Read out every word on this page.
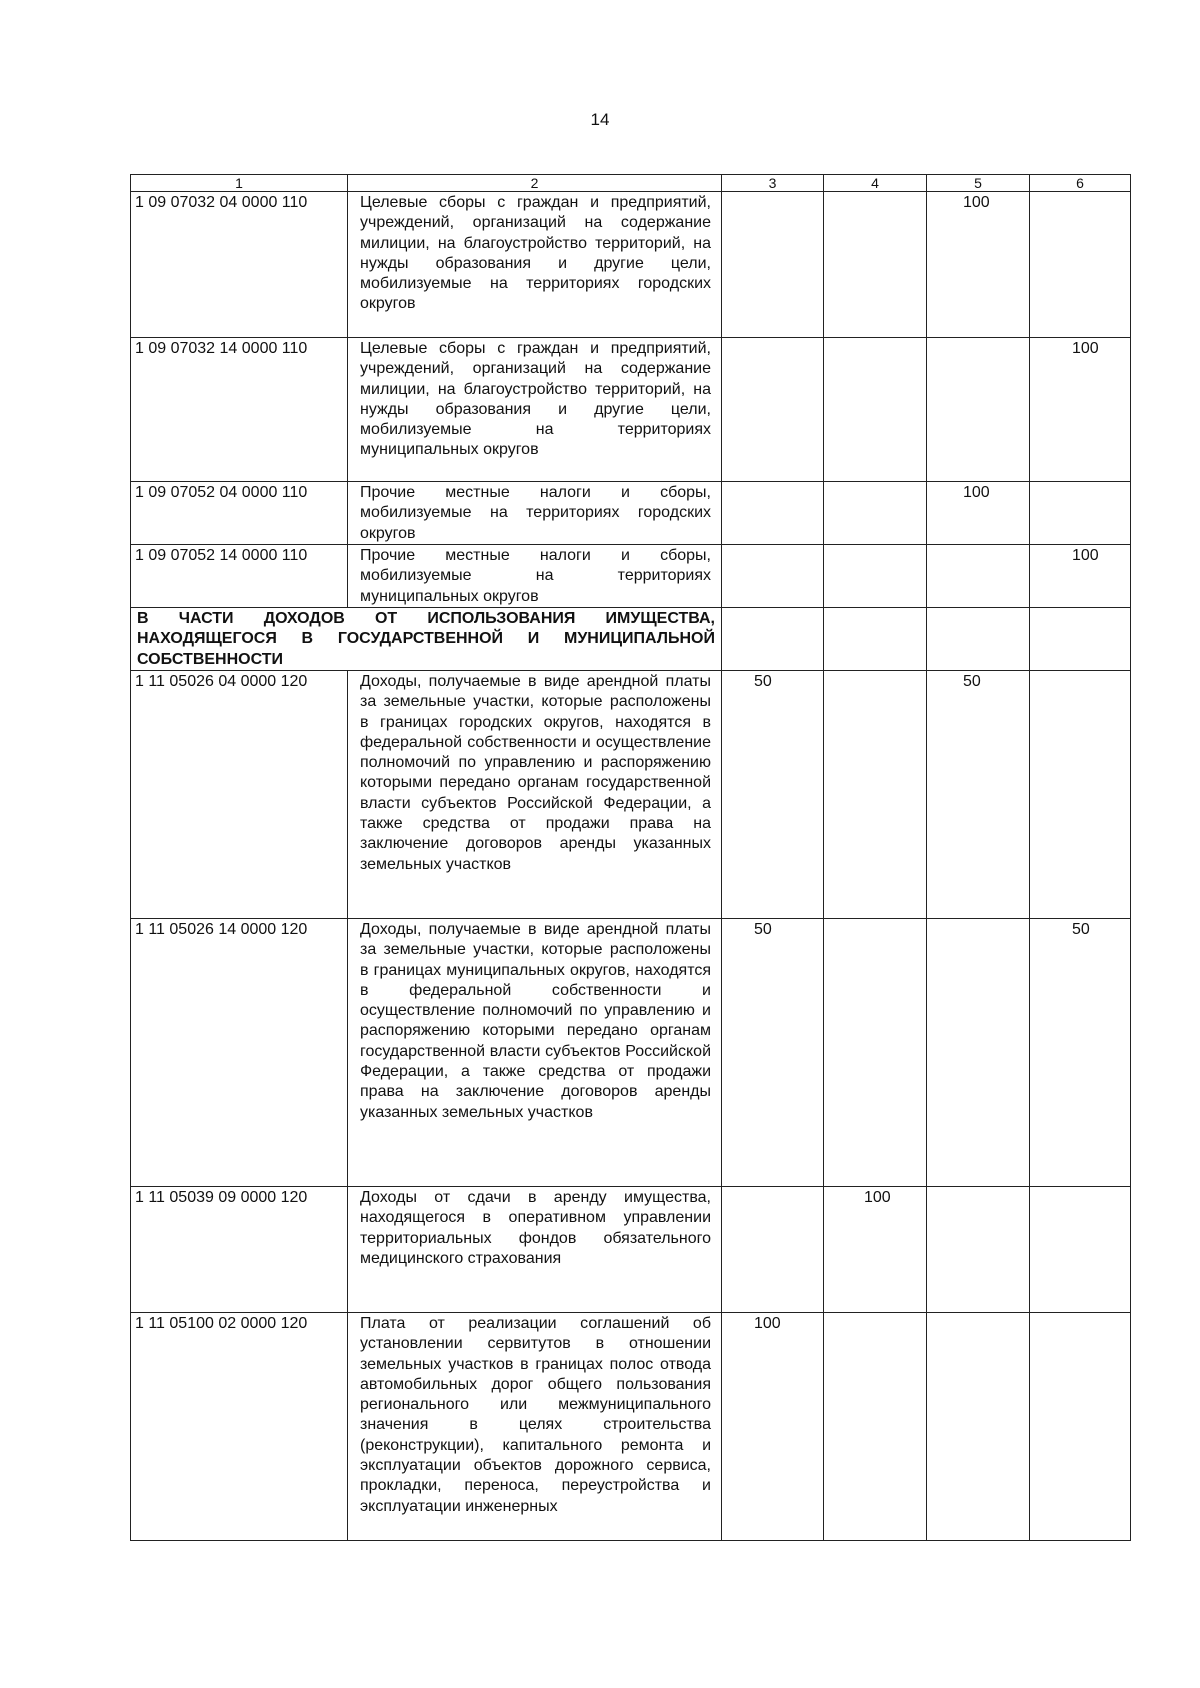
14
1	2	3	4	5	6
1 09 07032 04 0000 110	Целевые сборы с граждан и предприятий, учреждений, организаций на содержание милиции, на благоустройство территорий, на нужды образования и другие цели, мобилизуемые на территориях городских округов			100	
1 09 07032 14 0000 110	Целевые сборы с граждан и предприятий, учреждений, организаций на содержание милиции, на благоустройство территорий, на нужды образования и другие цели, мобилизуемые на территориях муниципальных округов				100
1 09 07052 04 0000 110	Прочие местные налоги и сборы, мобилизуемые на территориях городских округов			100	
1 09 07052 14 0000 110	Прочие местные налоги и сборы, мобилизуемые на территориях муниципальных округов				100
В ЧАСТИ ДОХОДОВ ОТ ИСПОЛЬЗОВАНИЯ ИМУЩЕСТВА, НАХОДЯЩЕГОСЯ В ГОСУДАРСТВЕННОЙ И МУНИЦИПАЛЬНОЙ СОБСТВЕННОСТИ					
1 11 05026 04 0000 120	Доходы, получаемые в виде арендной платы за земельные участки, которые расположены в границах городских округов, находятся в федеральной собственности и осуществление полномочий по управлению и распоряжению которыми передано органам государственной власти субъектов Российской Федерации, а также средства от продажи права на заключение договоров аренды указанных земельных участков	50		50	
1 11 05026 14 0000 120	Доходы, получаемые в виде арендной платы за земельные участки, которые расположены в границах муниципальных округов, находятся в федеральной собственности и осуществление полномочий по управлению и распоряжению которыми передано органам государственной власти субъектов Российской Федерации, а также средства от продажи права на заключение договоров аренды указанных земельных участков	50			50
1 11 05039 09 0000 120	Доходы от сдачи в аренду имущества, находящегося в оперативном управлении территориальных фондов обязательного медицинского страхования		100		
1 11 05100 02 0000 120	Плата от реализации соглашений об установлении сервитутов в отношении земельных участков в границах полос отвода автомобильных дорог общего пользования регионального или межмуниципального значения в целях строительства (реконструкции), капитального ремонта и эксплуатации объектов дорожного сервиса, прокладки, переноса, переустройства и эксплуатации инженерных	100			
